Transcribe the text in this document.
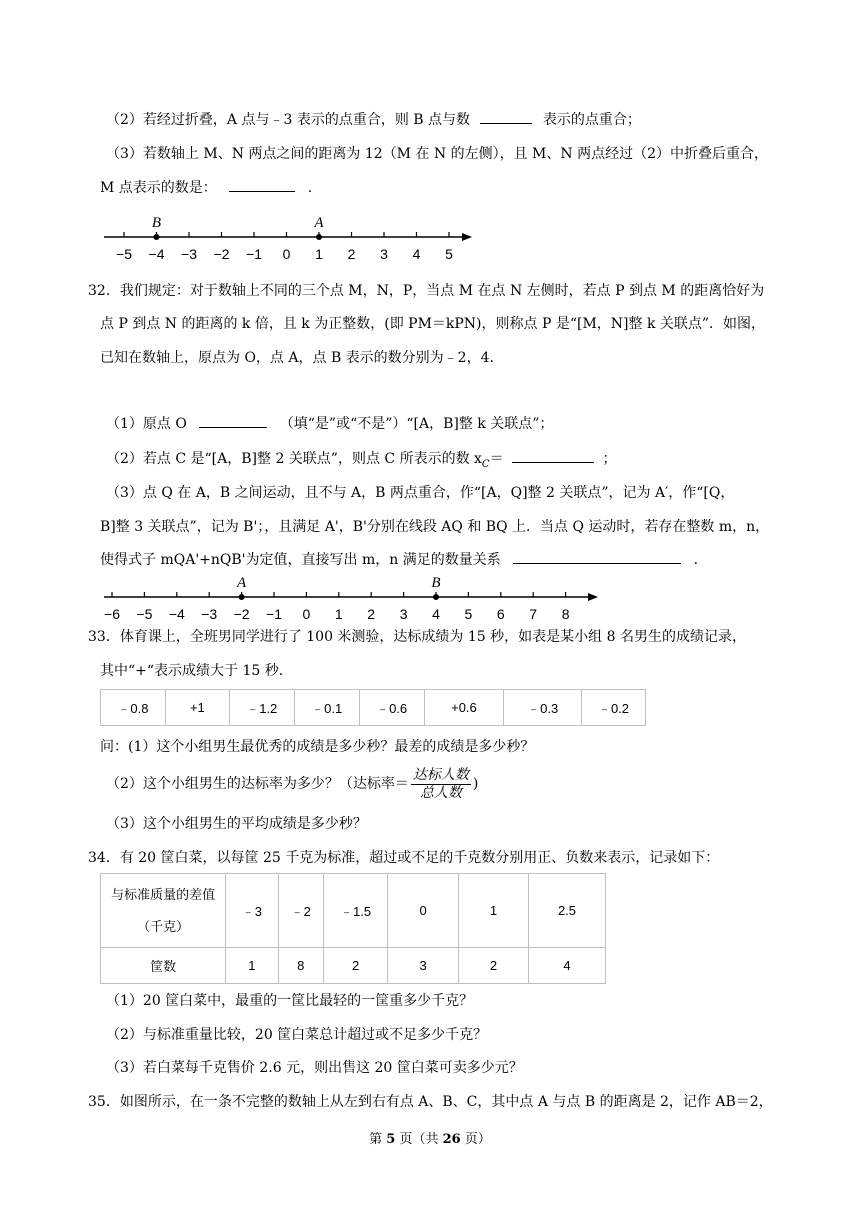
（2）若经过折叠，A 点与﹣3 表示的点重合，则 B 点与数	表示的点重合；
（3）若数轴上 M、N 两点之间的距离为 12（M 在 N 的左侧），且 M、N 两点经过（2）中折叠后重合，
M 点表示的数是：	.
−5 −4 −3 −2 −1 0 1 2 3 4 5
B	A
32．我们规定：对于数轴上不同的三个点 M，N，P，当点 M 在点 N 左侧时，若点 P 到点 M 的距离恰好为
点 P 到点 N 的距离的 k 倍，且 k 为正整数，(即 PM＝kPN)，则称点 P 是“[M，N]整 k 关联点”．如图，
已知在数轴上，原点为 O，点 A，点 B 表示的数分别为﹣2，4．
（1）原点 O	（填“是”或“不是”）“[A，B]整 k 关联点”；
（2）若点 C 是“[A，B]整 2 关联点”，则点 C 所表示的数 $x_C=$	；
（3）点 Q 在 A，B 之间运动，且不与 A，B 两点重合，作“[A，Q]整 2 关联点”，记为 A′，作“[Q，
B]整 3 关联点”，记为 B'；，且满足 A'，B'分别在线段 AQ 和 BQ 上．当点 Q 运动时，若存在整数 m，n，
使得式子 mQA'+nQB'为定值，直接写出 m，n 满足的数量关系	．
−6 −5 −4 −3 −2 −1 0 1 2 3 4 5 6 7 8
A	B
33．体育课上，全班男同学进行了 100 米测验，达标成绩为 15 秒，如表是某小组 8 名男生的成绩记录，
其中“+“表示成绩大于 15 秒．
﹣0.8	+1	﹣1.2	﹣0.1	﹣0.6	+0.6	﹣0.3	﹣0.2
问：(1）这个小组男生最优秀的成绩是多少秒？最差的成绩是多少秒？
（2）这个小组男生的达标率为多少？（达标率＝ $\frac{\text{达标人数}}{\text{总人数}}$ )
（3）这个小组男生的平均成绩是多少秒？
34．有 20 筐白菜，以每筐 25 千克为标准，超过或不足的千克数分别用正、负数来表示，记录如下：
与标准质量的差值
（千克）	﹣3	﹣2	﹣1.5	0	1	2.5
筐数	1	8	2	3	2	4
（1）20 筐白菜中，最重的一筐比最轻的一筐重多少千克？
（2）与标准重量比较，20 筐白菜总计超过或不足多少千克？
（3）若白菜每千克售价 2.6 元，则出售这 20 筐白菜可卖多少元？
35．如图所示，在一条不完整的数轴上从左到右有点 A、B、C，其中点 A 与点 B 的距离是 2，记作 AB＝2，
第 5 页（共 26 页）
